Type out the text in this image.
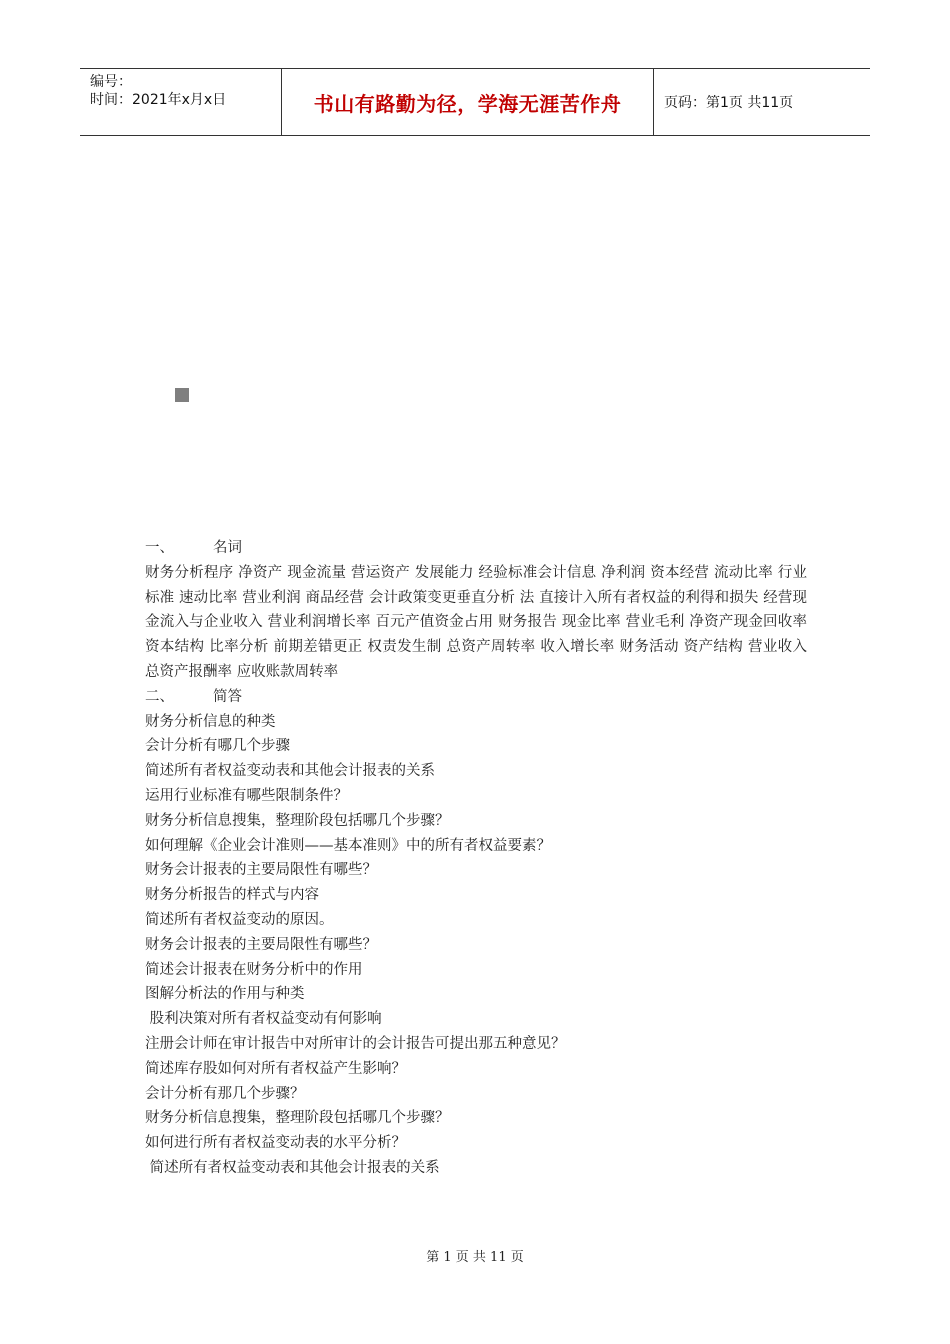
编号：
时间：2021年x月x日	书山有路勤为径，学海无涯苦作舟	页码：第1页 共11页
一、	名词
财务分析程序 净资产 现金流量 营运资产 发展能力 经验标准会计信息 净利润 资本经营 流动比率 行业标准 速动比率 营业利润 商品经营 会计政策变更垂直分析 法 直接计入所有者权益的利得和损失 经营现金流入与企业收入 营业利润增长率 百元产值资金占用 财务报告 现金比率 营业毛利 净资产现金回收率 资本结构 比率分析 前期差错更正 权责发生制 总资产周转率 收入增长率 财务活动 资产结构 营业收入 总资产报酬率 应收账款周转率
二、	简答
财务分析信息的种类
会计分析有哪几个步骤
简述所有者权益变动表和其他会计报表的关系
运用行业标准有哪些限制条件？
财务分析信息搜集，整理阶段包括哪几个步骤？
如何理解《企业会计准则——基本准则》中的所有者权益要素？
财务会计报表的主要局限性有哪些？
财务分析报告的样式与内容
简述所有者权益变动的原因。
财务会计报表的主要局限性有哪些？
简述会计报表在财务分析中的作用
图解分析法的作用与种类
股利决策对所有者权益变动有何影响
注册会计师在审计报告中对所审计的会计报告可提出那五种意见？
简述库存股如何对所有者权益产生影响？
会计分析有那几个步骤？
财务分析信息搜集，整理阶段包括哪几个步骤？
如何进行所有者权益变动表的水平分析？
简述所有者权益变动表和其他会计报表的关系
第 1 页 共 11 页
